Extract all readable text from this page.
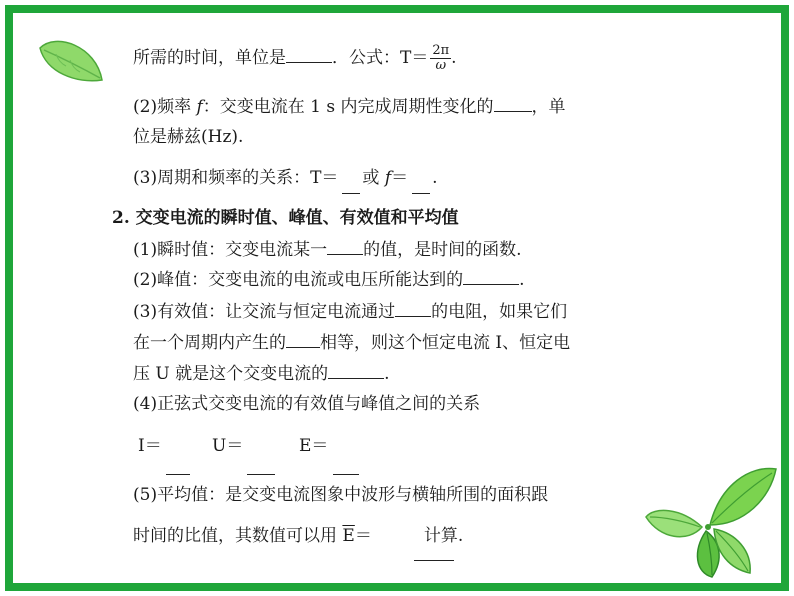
所需的时间，单位是	．公式：$T= \frac{2\pi}{\omega}$ .
(2)频率 f：交变电流在 1 s 内完成周期性变化的 ，单
位是赫兹(Hz).
(3)周期和频率的关系：T＝ 或 f＝ .
2. 交变电流的瞬时值、峰值、有效值和平均值
(1)瞬时值：交变电流某一 的值，是时间的函数.
(2)峰值：交变电流的电流或电压所能达到的	.
(3)有效值：让交流与恒定电流通过 的电阻，如果它们
在一个周期内产生的 相等，则这个恒定电流 I、恒定电
压 U 就是这个交变电流的	.
(4)正弦式交变电流的有效值与峰值之间的关系
I＝	U＝	E＝
(5)平均值：是交变电流图象中波形与横轴所围的面积跟
时间的比值，其数值可以用 $\overline{E}=$	计算.
